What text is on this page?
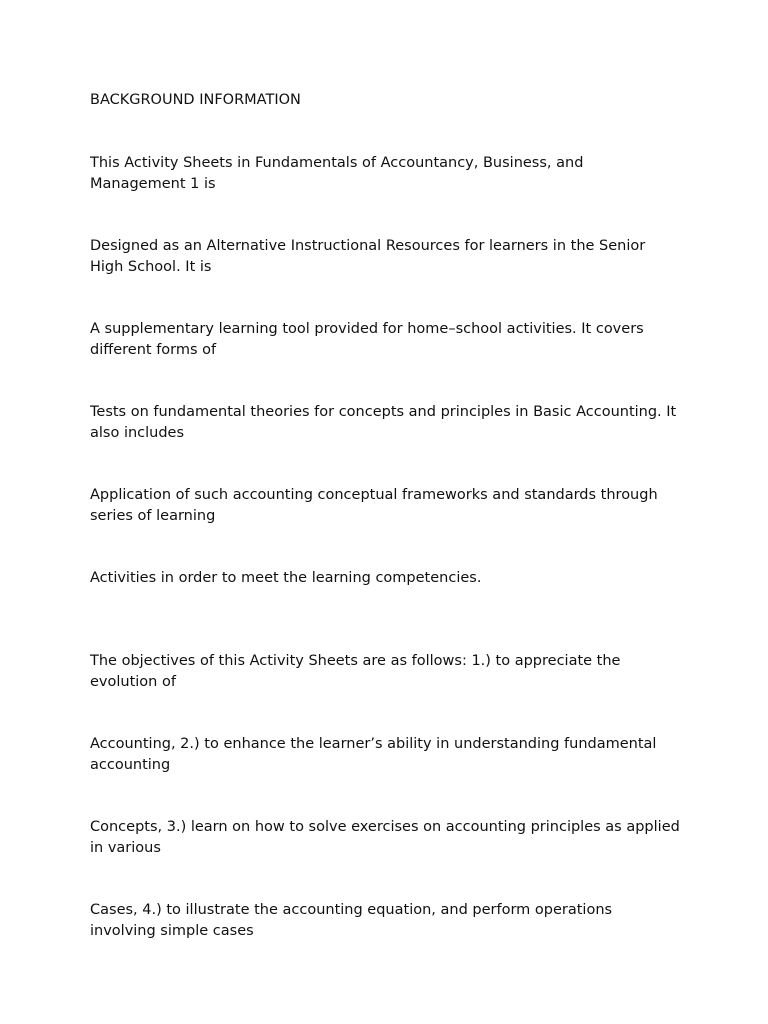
BACKGROUND INFORMATION

This Activity Sheets in Fundamentals of Accountancy, Business, and Management 1 is

Designed as an Alternative Instructional Resources for learners in the Senior High School. It is

A supplementary learning tool provided for home–school activities. It covers different forms of

Tests on fundamental theories for concepts and principles in Basic Accounting. It also includes

Application of such accounting conceptual frameworks and standards through series of learning

Activities in order to meet the learning competencies.

The objectives of this Activity Sheets are as follows: 1.) to appreciate the evolution of

Accounting, 2.) to enhance the learner’s ability in understanding fundamental accounting

Concepts, 3.) learn on how to solve exercises on accounting principles as applied in various

Cases, 4.) to illustrate the accounting equation, and perform operations involving simple cases
